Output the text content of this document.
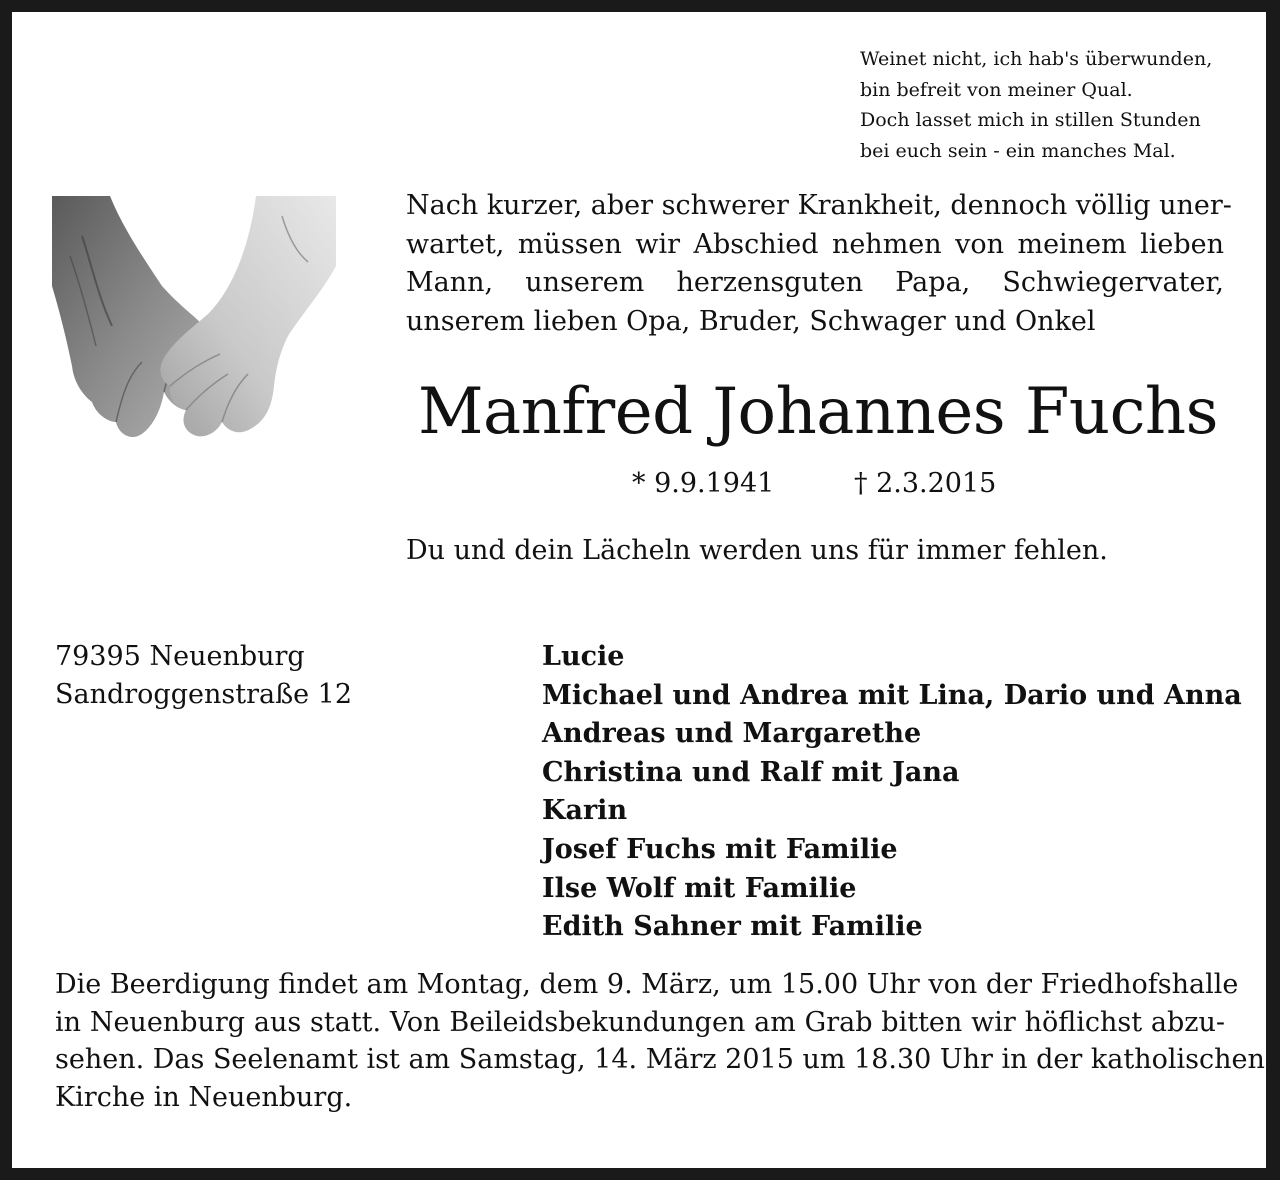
Weinet nicht, ich hab's überwunden,
bin befreit von meiner Qual.
Doch lasset mich in stillen Stunden
bei euch sein - ein manches Mal.
Nach kurzer, aber schwerer Krankheit, dennoch völlig uner-
wartet, müssen wir Abschied nehmen von meinem lieben
Mann, unserem herzensguten Papa, Schwiegervater,
unserem lieben Opa, Bruder, Schwager und Onkel
Manfred Johannes Fuchs
* 9.9.1941	† 2.3.2015
Du und dein Lächeln werden uns für immer fehlen.
79395 Neuenburg
Sandroggenstraße 12
Lucie
Michael und Andrea mit Lina, Dario und Anna
Andreas und Margarethe
Christina und Ralf mit Jana
Karin
Josef Fuchs mit Familie
Ilse Wolf mit Familie
Edith Sahner mit Familie
Die Beerdigung findet am Montag, dem 9. März, um 15.00 Uhr von der Friedhofshalle
in Neuenburg aus statt. Von Beileidsbekundungen am Grab bitten wir höflichst abzu-
sehen. Das Seelenamt ist am Samstag, 14. März 2015 um 18.30 Uhr in der katholischen
Kirche in Neuenburg.
